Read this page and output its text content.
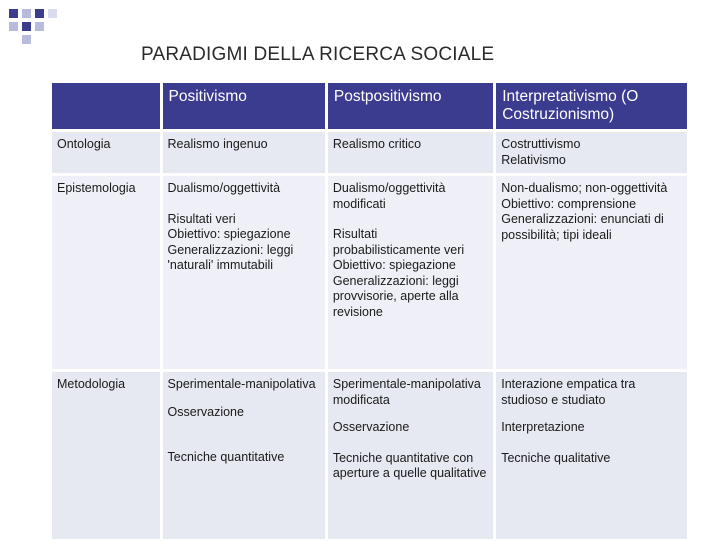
PARADIGMI DELLA RICERCA SOCIALE
	Positivismo	Postpositivismo	Interpretativismo (O Costruzionismo)
Ontologia	Realismo ingenuo	Realismo critico	Costruttivismo
Relativismo

Epistemologia	Dualismo/oggettività
Risultati veri
Obiettivo: spiegazione
Generalizzazioni: leggi 'naturali' immutabili	Dualismo/oggettività modificati
Risultati probabilisticamente veri
Obiettivo: spiegazione
Generalizzazioni: leggi provvisorie, aperte alla revisione	Non-dualismo; non-oggettività
Obiettivo: comprensione
Generalizzazioni: enunciati di possibilità; tipi ideali

Metodologia	Sperimentale-manipolativa
Osservazione
Tecniche quantitative	Sperimentale-manipolativa modificata
Osservazione
Tecniche quantitative con aperture a quelle qualitative	Interazione empatica tra studioso e studiato
Interpretazione
Tecniche qualitative
